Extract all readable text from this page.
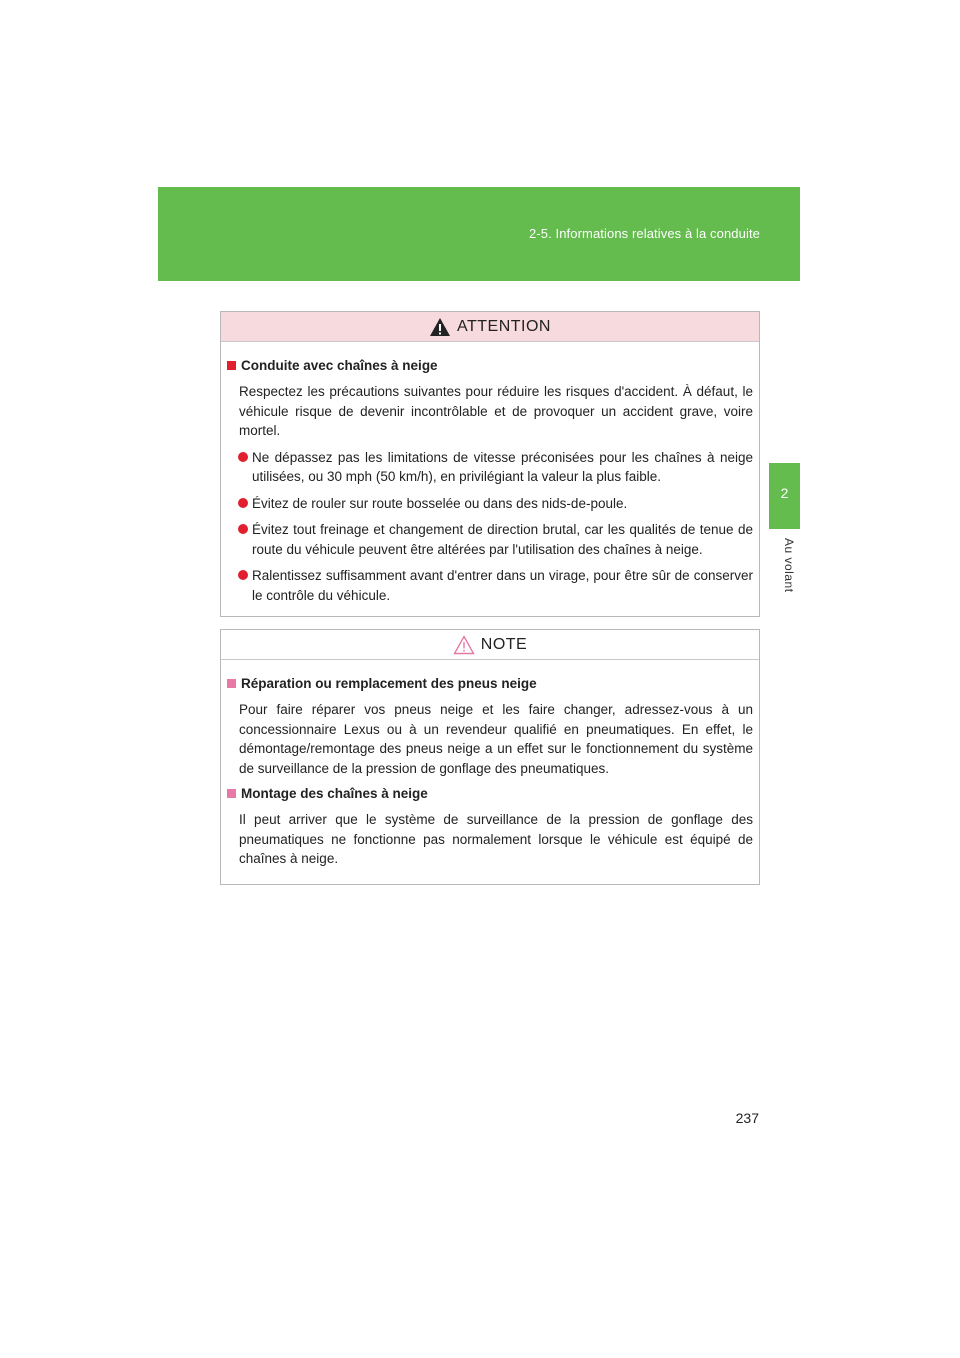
2-5. Informations relatives à la conduite
2
Au volant
ATTENTION
Conduite avec chaînes à neige
Respectez les précautions suivantes pour réduire les risques d'accident. À défaut, le véhicule risque de devenir incontrôlable et de provoquer un accident grave, voire mortel.
Ne dépassez pas les limitations de vitesse préconisées pour les chaînes à neige utilisées, ou 30 mph (50 km/h), en privilégiant la valeur la plus faible.
Évitez de rouler sur route bosselée ou dans des nids-de-poule.
Évitez tout freinage et changement de direction brutal, car les qualités de tenue de route du véhicule peuvent être altérées par l'utilisation des chaînes à neige.
Ralentissez suffisamment avant d'entrer dans un virage, pour être sûr de conserver le contrôle du véhicule.
NOTE
Réparation ou remplacement des pneus neige
Pour faire réparer vos pneus neige et les faire changer, adressez-vous à un concessionnaire Lexus ou à un revendeur qualifié en pneumatiques. En effet, le démontage/remontage des pneus neige a un effet sur le fonctionnement du système de surveillance de la pression de gonflage des pneumatiques.
Montage des chaînes à neige
Il peut arriver que le système de surveillance de la pression de gonflage des pneumatiques ne fonctionne pas normalement lorsque le véhicule est équipé de chaînes à neige.
237
